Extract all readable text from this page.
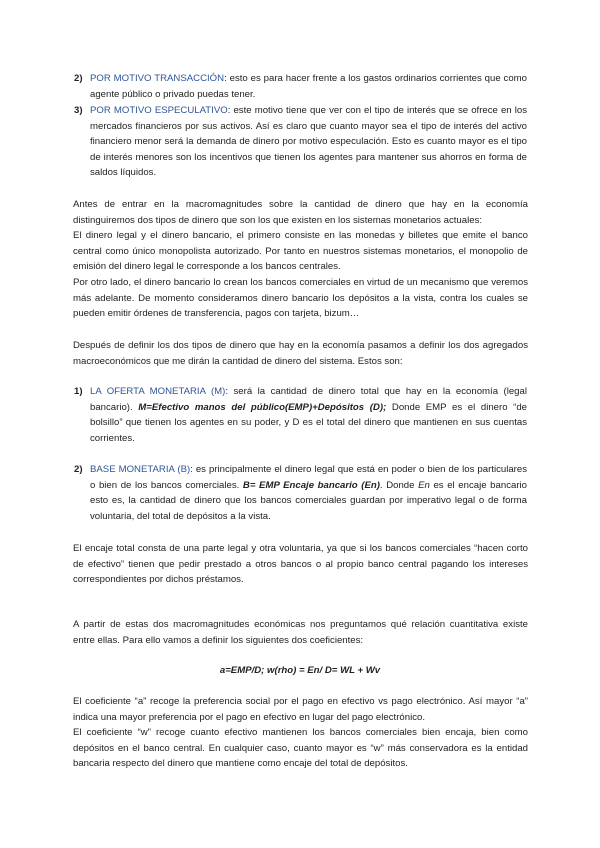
2) POR MOTIVO TRANSACCIÓN: esto es para hacer frente a los gastos ordinarios corrientes que como agente público o privado puedas tener.
3) POR MOTIVO ESPECULATIVO: este motivo tiene que ver con el tipo de interés que se ofrece en los mercados financieros por sus activos. Así es claro que cuanto mayor sea el tipo de interés del activo financiero menor será la demanda de dinero por motivo especulación. Esto es cuanto mayor es el tipo de interés menores son los incentivos que tienen los agentes para mantener sus ahorros en forma de saldos líquidos.
Antes de entrar en la macromagnitudes sobre la cantidad de dinero que hay en la economía distinguiremos dos tipos de dinero que son los que existen en los sistemas monetarios actuales:
El dinero legal y el dinero bancario, el primero consiste en las monedas y billetes que emite el banco central como único monopolista autorizado. Por tanto en nuestros sistemas monetarios, el monopolio de emisión del dinero legal le corresponde a los bancos centrales.
Por otro lado, el dinero bancario lo crean los bancos comerciales en virtud de un mecanismo que veremos más adelante. De momento consideramos dinero bancario los depósitos a la vista, contra los cuales se pueden emitir órdenes de transferencia, pagos con tarjeta, bizum…
Después de definir los dos tipos de dinero que hay en la economía pasamos a definir los dos agregados macroeconómicos que me dirán la cantidad de dinero del sistema. Estos son:
1) LA OFERTA MONETARIA (M): será la cantidad de dinero total que hay en la economía (legal bancario). M=Efectivo manos del público(EMP)+Depósitos (D); Donde EMP es el dinero “de bolsillo” que tienen los agentes en su poder, y D es el total del dinero que mantienen en sus cuentas corrientes.
2) BASE MONETARIA (B): es principalmente el dinero legal que está en poder o bien de los particulares o bien de los bancos comerciales. B= EMP Encaje bancario (En). Donde En es el encaje bancario esto es, la cantidad de dinero que los bancos comerciales guardan por imperativo legal o de forma voluntaria, del total de depósitos a la vista.
El encaje total consta de una parte legal y otra voluntaria, ya que si los bancos comerciales “hacen corto de efectivo” tienen que pedir prestado a otros bancos o al propio banco central pagando los intereses correspondientes por dichos préstamos.
A partir de estas dos macromagnitudes económicas nos preguntamos qué relación cuantitativa existe entre ellas. Para ello vamos a definir los siguientes dos coeficientes:
a=EMP/D; w(rho) = En/ D= WL + Wv
El coeficiente “a” recoge la preferencia social por el pago en efectivo vs pago electrónico. Así mayor “a” indica una mayor preferencia por el pago en efectivo en lugar del pago electrónico.
El coeficiente “w” recoge cuanto efectivo mantienen los bancos comerciales bien encaja, bien como depósitos en el banco central. En cualquier caso, cuanto mayor es “w” más conservadora es la entidad bancaria respecto del dinero que mantiene como encaje del total de depósitos.
